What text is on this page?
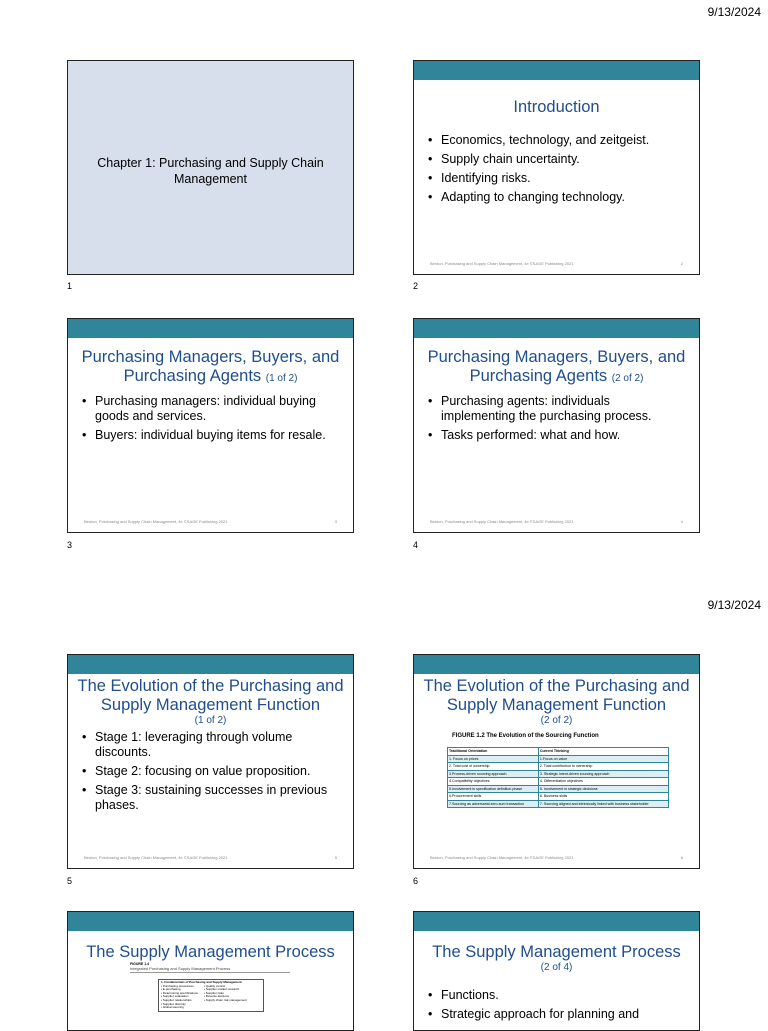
9/13/2024
Chapter 1: Purchasing and Supply Chain Management
1
Introduction
• Economics, technology, and zeitgeist.
• Supply chain uncertainty.
• Identifying risks.
• Adapting to changing technology.
Benton, Purchasing and Supply Chain Management, 4e ©SAGE Publishing 2021	2
2
Purchasing Managers, Buyers, and Purchasing Agents (1 of 2)
• Purchasing managers: individual buying goods and services.
• Buyers: individual buying items for resale.
Benton, Purchasing and Supply Chain Management, 4e ©SAGE Publishing 2021	3
3
Purchasing Managers, Buyers, and Purchasing Agents (2 of 2)
• Purchasing agents: individuals implementing the purchasing process.
• Tasks performed: what and how.
Benton, Purchasing and Supply Chain Management, 4e ©SAGE Publishing 2021	4
4
9/13/2024
The Evolution of the Purchasing and Supply Management Function
(1 of 2)
• Stage 1: leveraging through volume discounts.
• Stage 2: focusing on value proposition.
• Stage 3: sustaining successes in previous phases.
Benton, Purchasing and Supply Chain Management, 4e ©SAGE Publishing 2021	5
5
The Evolution of the Purchasing and Supply Management Function
(2 of 2)
FIGURE 1.2 The Evolution of the Sourcing Function
Traditional Orientation	Current Thinking
1. Focus on prices	1.Focus on value
2. Total cost of ownership	2. Total contribution to ownership
3.Process-driven sourcing approach	3. Strategic intent-driven sourcing approach
4.Compatibility objectives	4. Differentiation objectives
5.Involvement in specification definition phase	5. Involvement in strategic decisions
6.Procurement skills	6. Business skills
7.Sourcing as adversarial zero-sum transaction	7. Sourcing aligned and intrinsically linked with business stakeholder
Benton, Purchasing and Supply Chain Management, 4e ©SAGE Publishing 2021	6
6
The Supply Management Process
FIGURE 1.4
Integrated Purchasing and Supply Management Process
1. Fundamentals of Purchasing and Supply Management
• Purchasing procedures
• E-purchasing
• Determining specifications
• Supplier evaluation
• Supplier relationships
• Supplier diversity
• Global sourcing
• Quality control
• Supplier market research
• Supplier risks
• Reverse auctions
• Supply chain risk management
The Supply Management Process
(2 of 4)
• Functions.
• Strategic approach for planning and
